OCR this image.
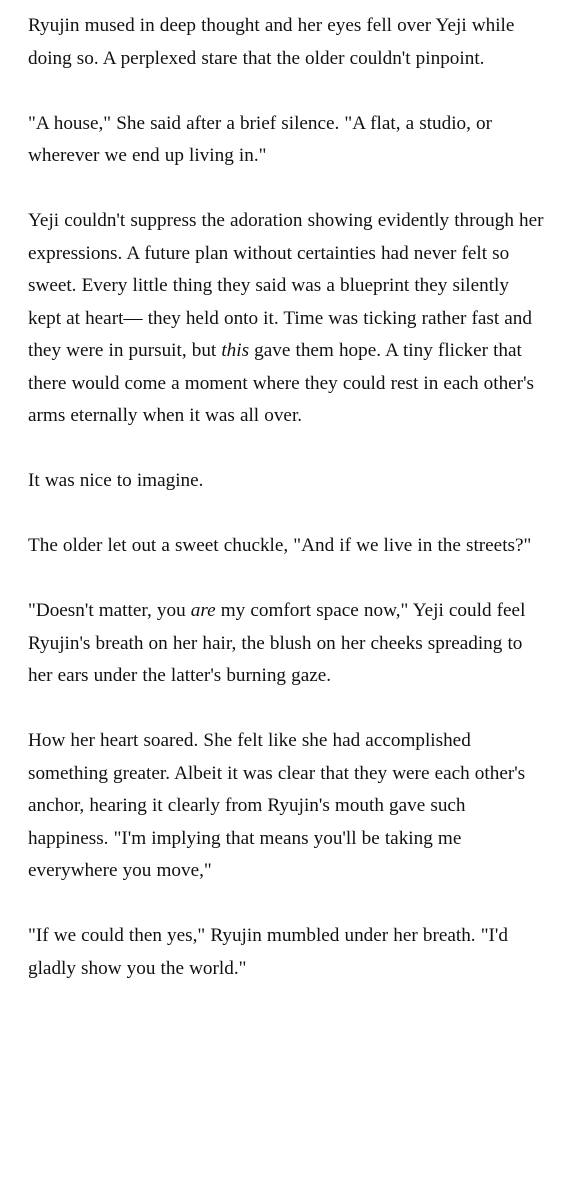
Ryujin mused in deep thought and her eyes fell over Yeji while doing so. A perplexed stare that the older couldn't pinpoint.

"A house," She said after a brief silence. "A flat, a studio, or wherever we end up living in."

Yeji couldn't suppress the adoration showing evidently through her expressions. A future plan without certainties had never felt so sweet. Every little thing they said was a blueprint they silently kept at heart— they held onto it. Time was ticking rather fast and they were in pursuit, but this gave them hope. A tiny flicker that there would come a moment where they could rest in each other's arms eternally when it was all over.

It was nice to imagine.

The older let out a sweet chuckle, "And if we live in the streets?"

"Doesn't matter, you are my comfort space now," Yeji could feel Ryujin's breath on her hair, the blush on her cheeks spreading to her ears under the latter's burning gaze.

How her heart soared. She felt like she had accomplished something greater. Albeit it was clear that they were each other's anchor, hearing it clearly from Ryujin's mouth gave such happiness. "I'm implying that means you'll be taking me everywhere you move,"

"If we could then yes," Ryujin mumbled under her breath. "I'd gladly show you the world."
